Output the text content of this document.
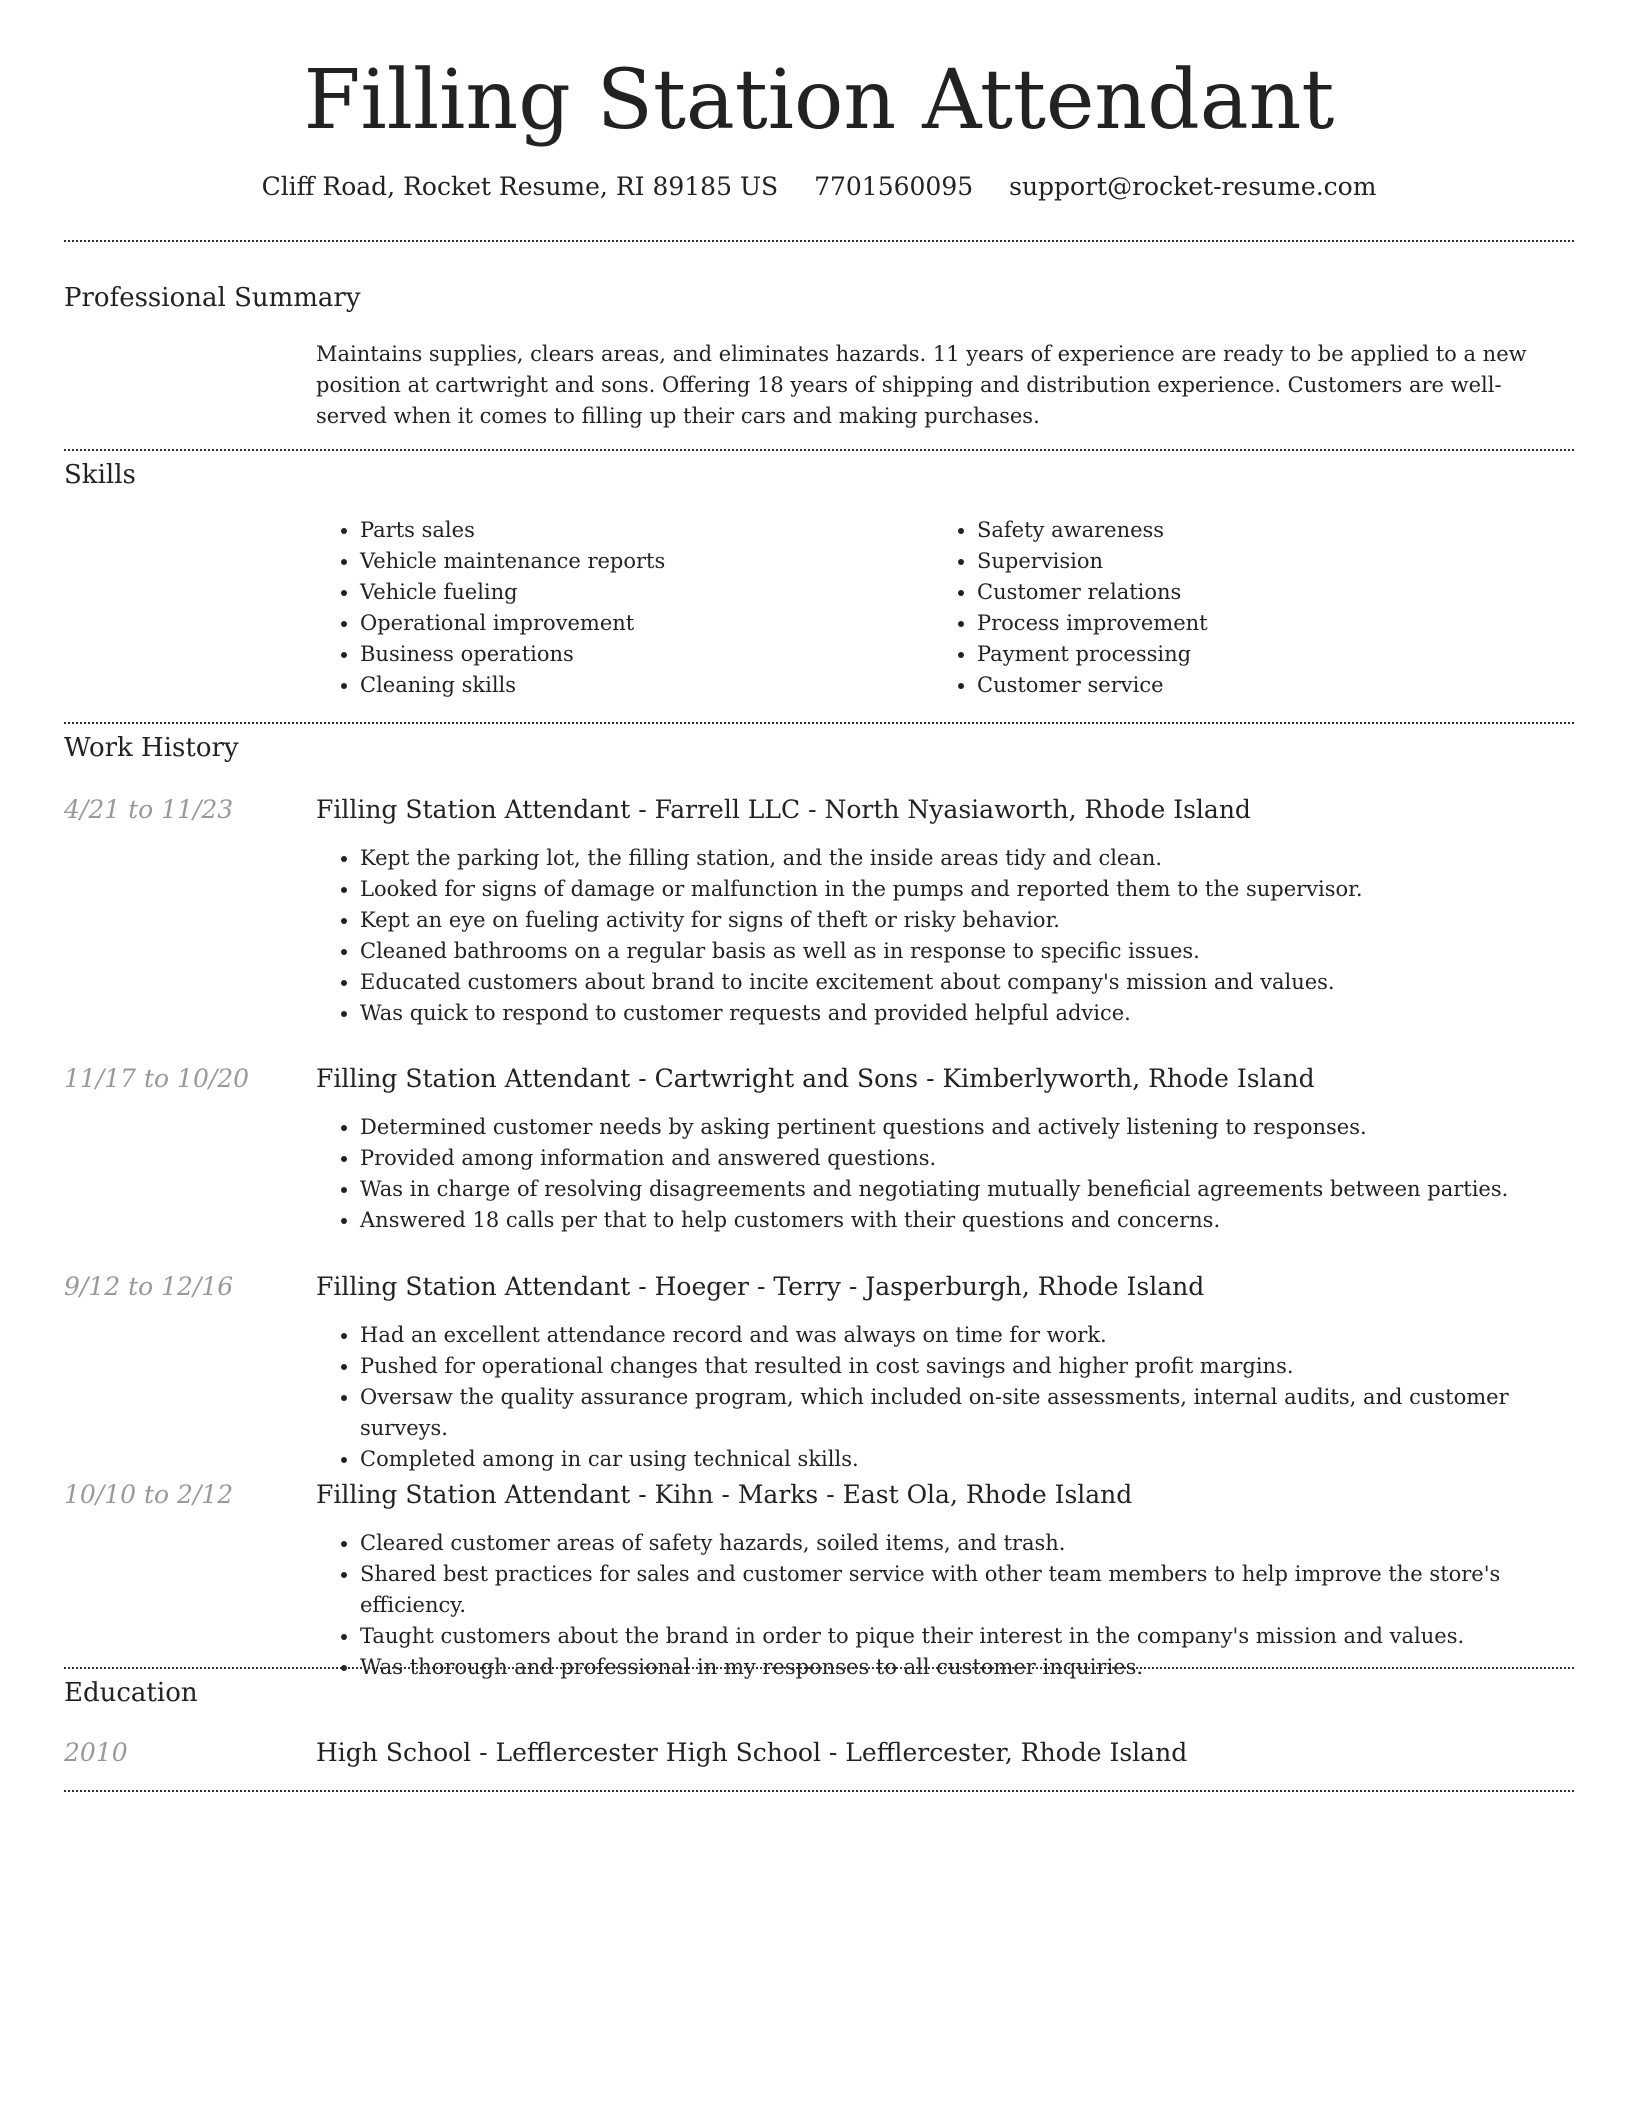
Filling Station Attendant
Cliff Road, Rocket Resume, RI 89185 US 7701560095 support@rocket-resume.com
Professional Summary
Maintains supplies, clears areas, and eliminates hazards. 11 years of experience are ready to be applied to a new position at cartwright and sons. Offering 18 years of shipping and distribution experience. Customers are well-served when it comes to filling up their cars and making purchases.
Skills
• Parts sales
• Vehicle maintenance reports
• Vehicle fueling
• Operational improvement
• Business operations
• Cleaning skills
• Safety awareness
• Supervision
• Customer relations
• Process improvement
• Payment processing
• Customer service
Work History
4/21 to 11/23	Filling Station Attendant - Farrell LLC - North Nyasiaworth, Rhode Island
• Kept the parking lot, the filling station, and the inside areas tidy and clean.
• Looked for signs of damage or malfunction in the pumps and reported them to the supervisor.
• Kept an eye on fueling activity for signs of theft or risky behavior.
• Cleaned bathrooms on a regular basis as well as in response to specific issues.
• Educated customers about brand to incite excitement about company's mission and values.
• Was quick to respond to customer requests and provided helpful advice.
11/17 to 10/20	Filling Station Attendant - Cartwright and Sons - Kimberlyworth, Rhode Island
• Determined customer needs by asking pertinent questions and actively listening to responses.
• Provided among information and answered questions.
• Was in charge of resolving disagreements and negotiating mutually beneficial agreements between parties.
• Answered 18 calls per that to help customers with their questions and concerns.
9/12 to 12/16	Filling Station Attendant - Hoeger - Terry - Jasperburgh, Rhode Island
• Had an excellent attendance record and was always on time for work.
• Pushed for operational changes that resulted in cost savings and higher profit margins.
• Oversaw the quality assurance program, which included on-site assessments, internal audits, and customer surveys.
• Completed among in car using technical skills.
10/10 to 2/12	Filling Station Attendant - Kihn - Marks - East Ola, Rhode Island
• Cleared customer areas of safety hazards, soiled items, and trash.
• Shared best practices for sales and customer service with other team members to help improve the store's efficiency.
• Taught customers about the brand in order to pique their interest in the company's mission and values.
• Was thorough and professional in my responses to all customer inquiries.
Education
2010	High School - Lefflercester High School - Lefflercester, Rhode Island
